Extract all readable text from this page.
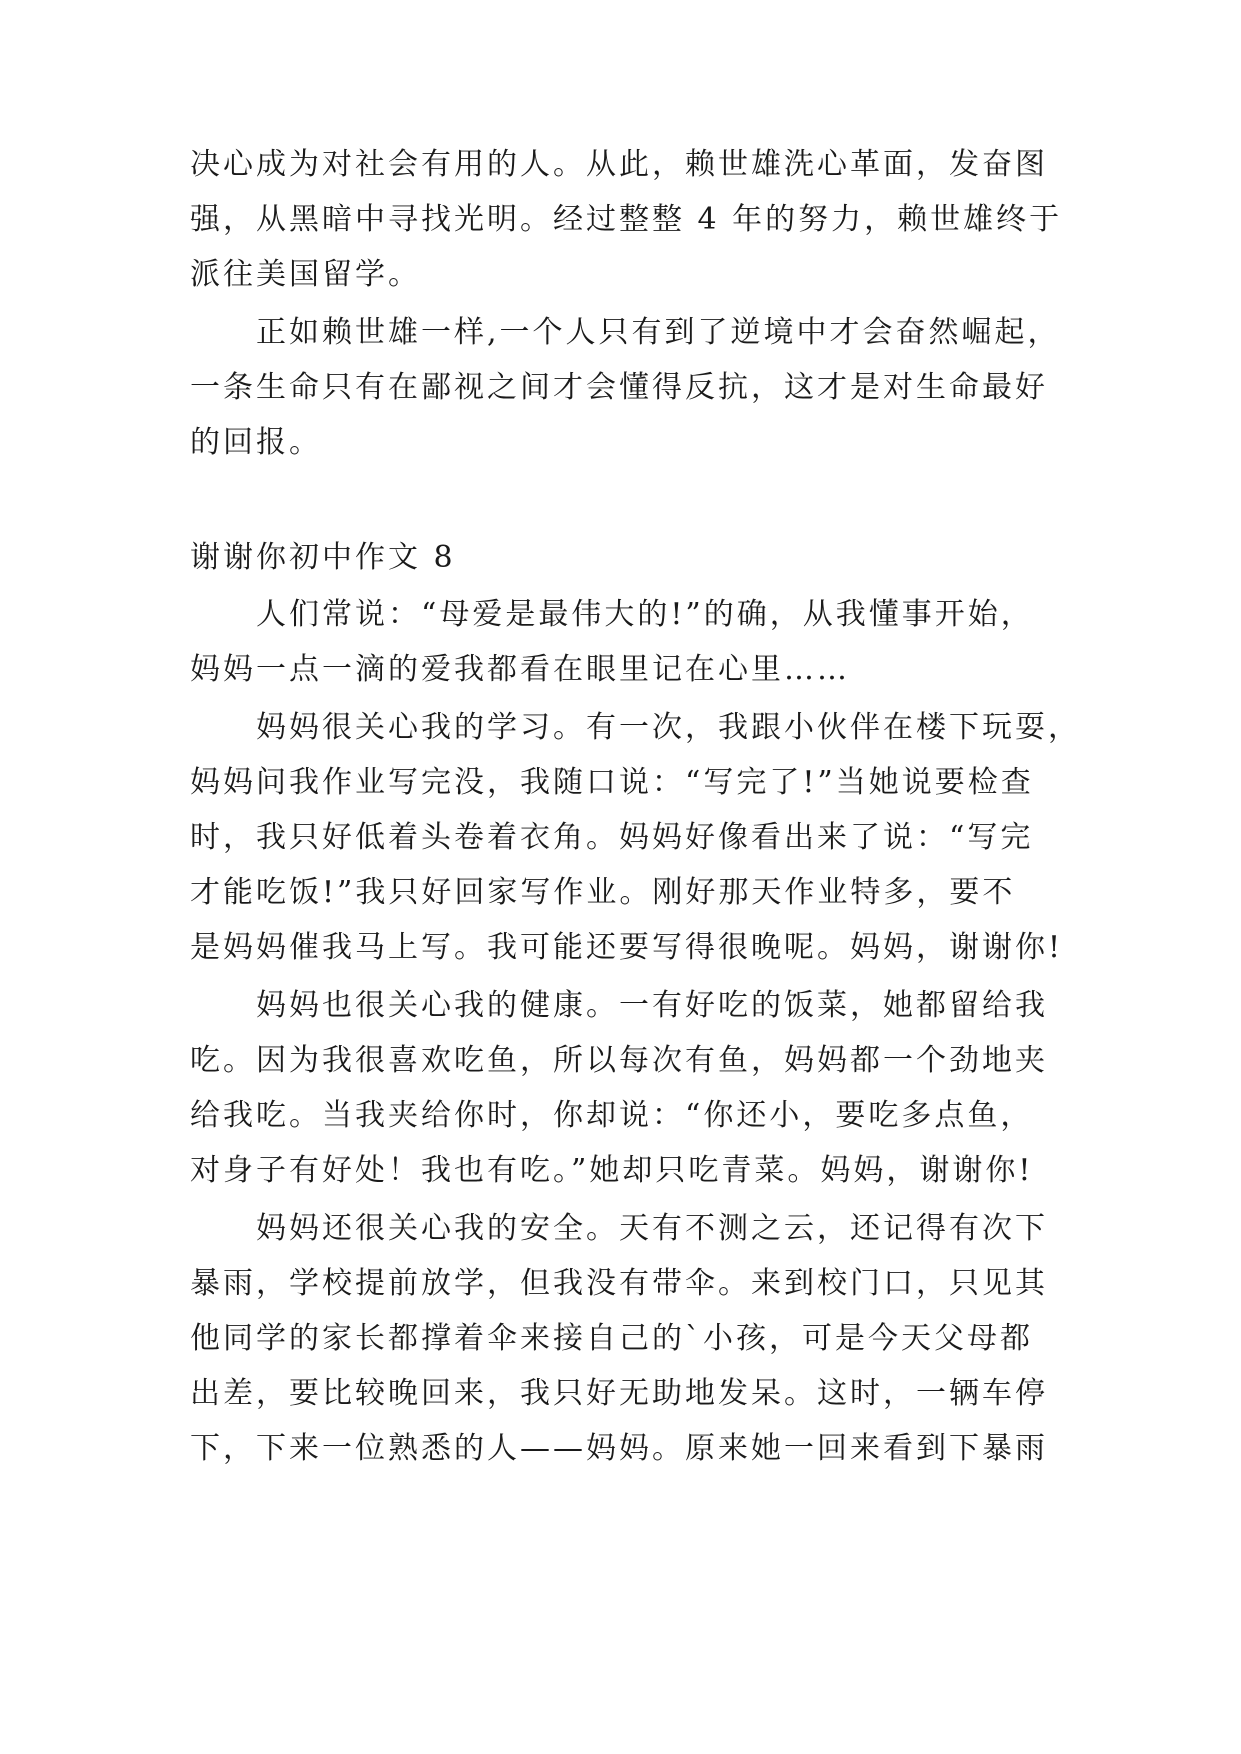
决心成为对社会有用的人。从此，赖世雄洗心革面，发奋图
强，从黑暗中寻找光明。经过整整 4 年的努力，赖世雄终于
派往美国留学。
正如赖世雄一样,一个人只有到了逆境中才会奋然崛起，
一条生命只有在鄙视之间才会懂得反抗，这才是对生命最好
的回报。
谢谢你初中作文 8
人们常说：“母爱是最伟大的!”的确，从我懂事开始，
妈妈一点一滴的爱我都看在眼里记在心里……
妈妈很关心我的学习。有一次，我跟小伙伴在楼下玩耍，
妈妈问我作业写完没，我随口说：“写完了!”当她说要检查
时，我只好低着头卷着衣角。妈妈好像看出来了说：“写完
才能吃饭!”我只好回家写作业。刚好那天作业特多，要不
是妈妈催我马上写。我可能还要写得很晚呢。妈妈，谢谢你!
妈妈也很关心我的健康。一有好吃的饭菜，她都留给我
吃。因为我很喜欢吃鱼，所以每次有鱼，妈妈都一个劲地夹
给我吃。当我夹给你时，你却说：“你还小，要吃多点鱼，
对身子有好处！我也有吃。”她却只吃青菜。妈妈，谢谢你!
妈妈还很关心我的安全。天有不测之云，还记得有次下
暴雨，学校提前放学，但我没有带伞。来到校门口，只见其
他同学的家长都撑着伞来接自己的`小孩，可是今天父母都
出差，要比较晚回来，我只好无助地发呆。这时，一辆车停
下，下来一位熟悉的人——妈妈。原来她一回来看到下暴雨
